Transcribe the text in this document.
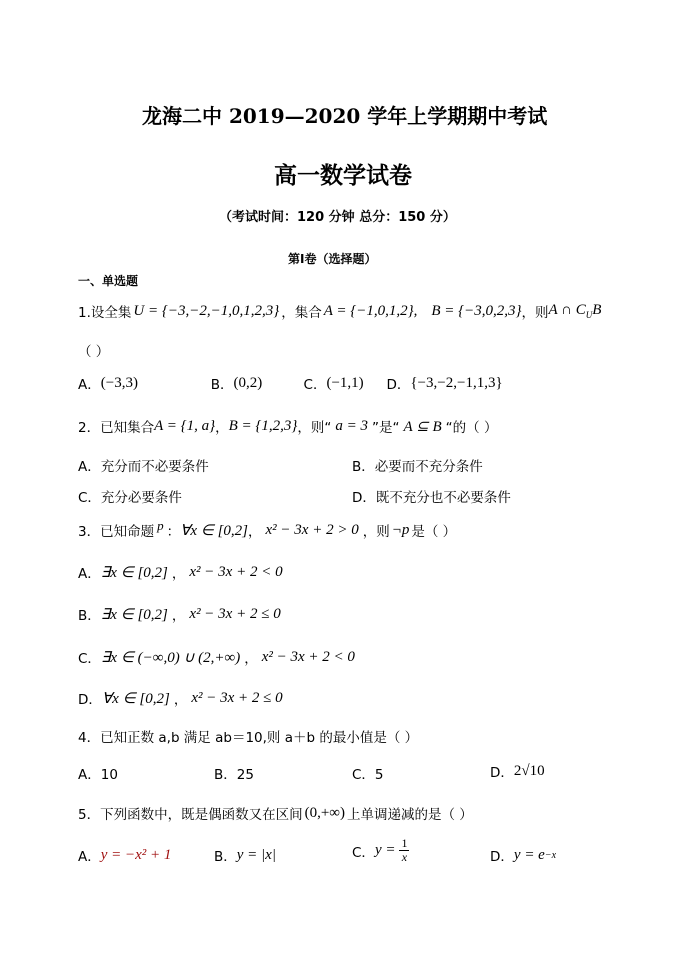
龙海二中 2019—2020 学年上学期期中考试
高一数学试卷
（考试时间：120 分钟 总分：150 分）
第Ⅰ卷（选择题）
一、单选题
1.设全集 U = {−3,−2,−1,0,1,2,3} ，集合 A = {−1,0,1,2}, B = {−3,0,2,3} ，则 A ∩ $C_UB$
（ ）
A． (−3,3)	B． (0,2)	C． (−1,1)	D． {−3,−2,−1,1,3}
2．已知集合 A = {1, a} ， B = {1,2,3} ，则“ a = 3 ”是“ A ⊆ B “的（ ）
A．充分而不必要条件	B．必要而不充分条件
C．充分必要条件	D．既不充分也不必要条件
3．已知命题 p ： ∀x ∈ [0,2] ， x² − 3x + 2 > 0 ，则 ¬p 是（ ）
A． ∃x ∈ [0,2] ， x² − 3x + 2 < 0
B． ∃x ∈ [0,2] ， x² − 3x + 2 ≤ 0
C． ∃x ∈ (−∞,0) ∪ (2,+∞) ， x² − 3x + 2 < 0
D． ∀x ∈ [0,2] ， x² − 3x + 2 ≤ 0
4．已知正数 a,b 满足 ab＝10,则 a＋b 的最小值是（ ）
A．10	B．25	C．5	D． 2√10
5．下列函数中，既是偶函数又在区间 (0,+∞) 上单调递减的是（ ）
A． y = −x² + 1	B． y = |x|	C． $y = \frac{1}{x}$	D． y = e −x
